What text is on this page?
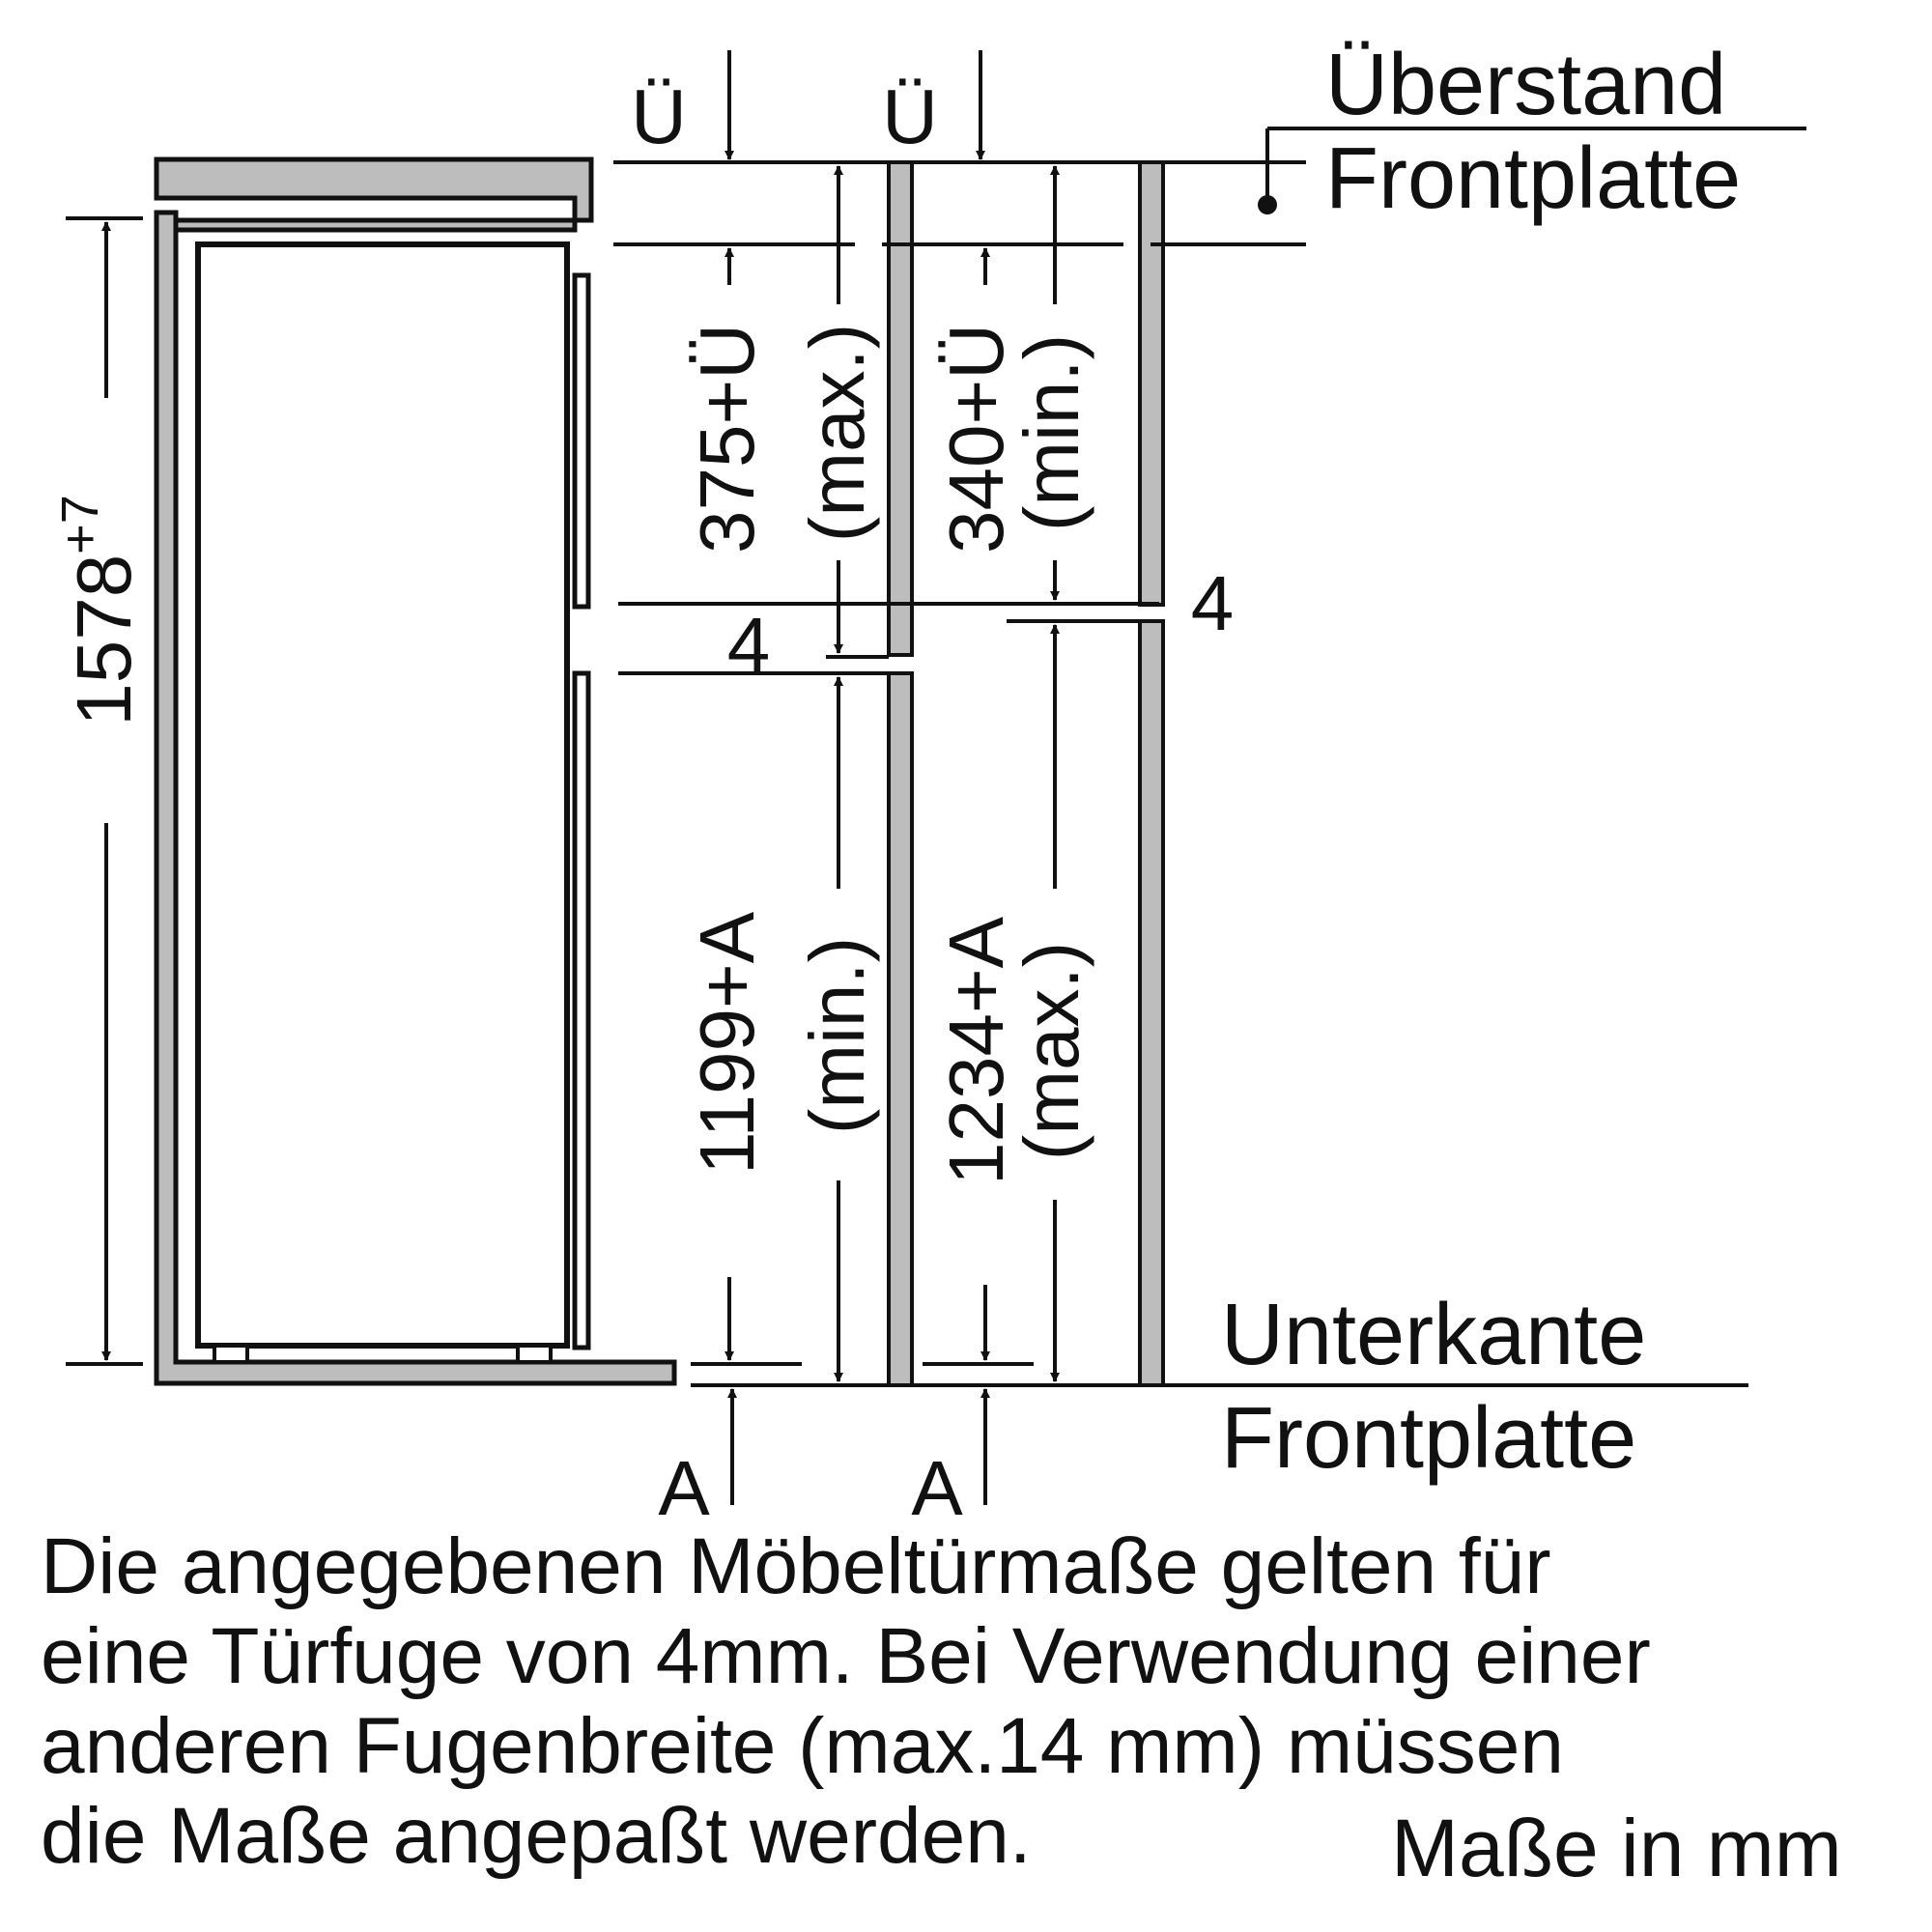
Ü	Ü	Überstand
Frontplatte
Unterkante
Frontplatte
A	A
4	4
$1578^{+7}$	375+Ü (max.) 340+Ü
(min.)
1199+A (min.) 1234+A
(max.)
Die angegebenen Möbeltürmaße gelten für
eine Türfuge von 4mm. Bei Verwendung einer
anderen Fugenbreite (max.14 mm) müssen
die Maße angepaßt werden.	Maße in mm
